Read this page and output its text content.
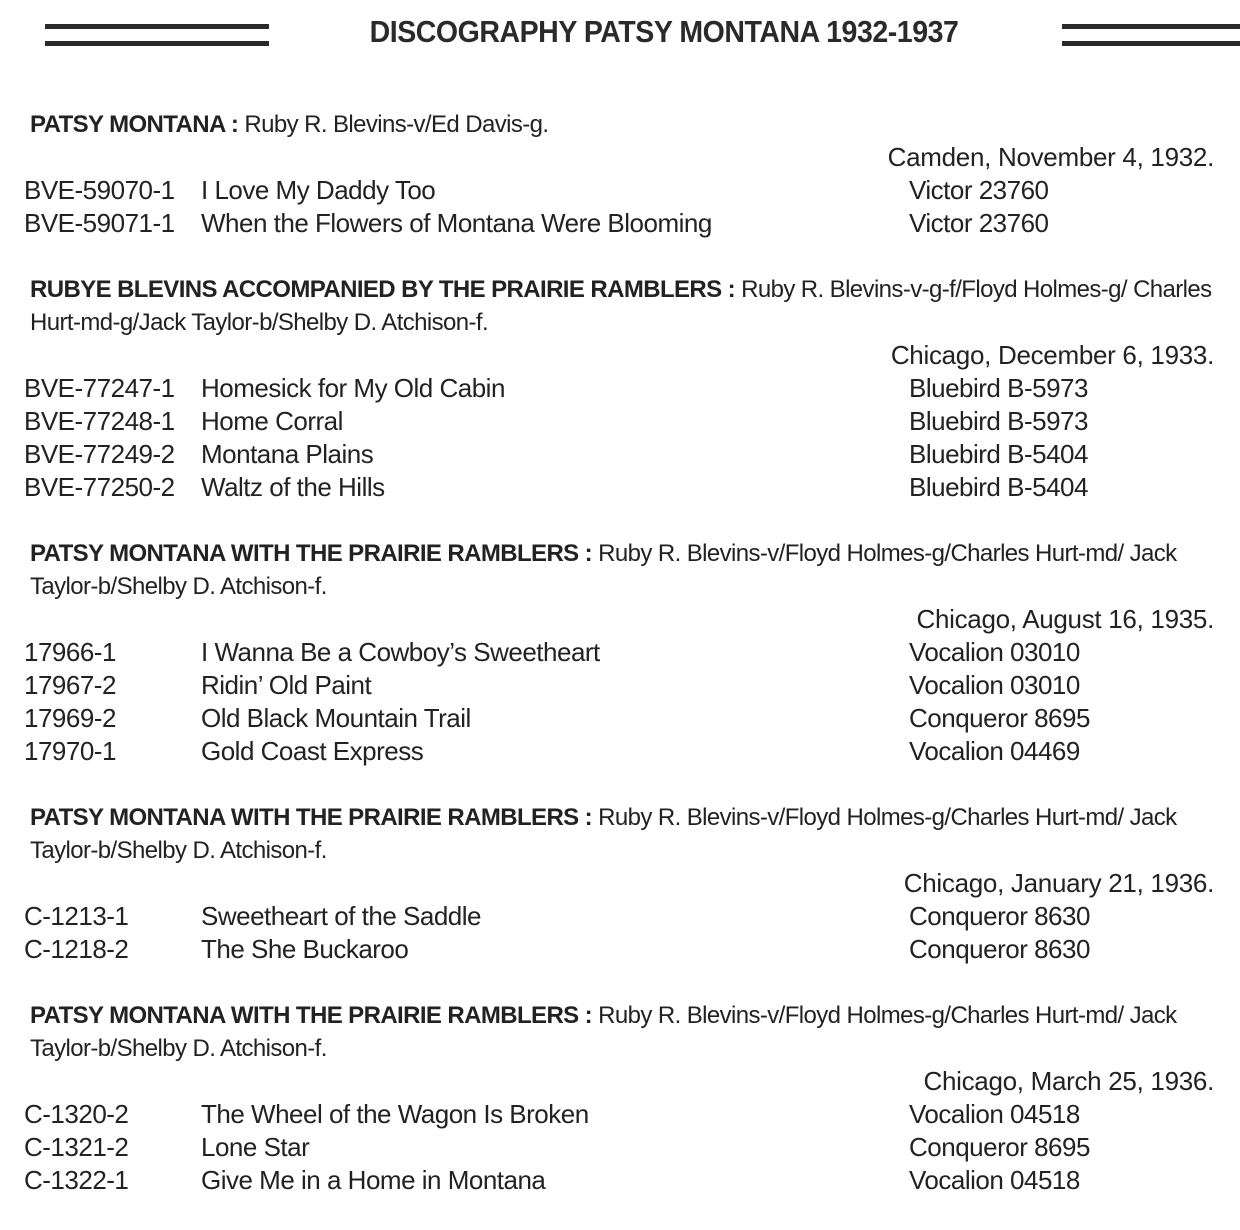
DISCOGRAPHY PATSY MONTANA 1932-1937
PATSY MONTANA : Ruby R. Blevins-v/Ed Davis-g.
Camden, November 4, 1932.
BVE-59070-1 I Love My Daddy Too	Victor 23760
BVE-59071-1 When the Flowers of Montana Were Blooming	Victor 23760
RUBYE BLEVINS ACCOMPANIED BY THE PRAIRIE RAMBLERS : Ruby R. Blevins-v-g-f/Floyd Holmes-g/ Charles Hurt-md-g/Jack Taylor-b/Shelby D. Atchison-f.
Chicago, December 6, 1933.
BVE-77247-1 Homesick for My Old Cabin	Bluebird B-5973
BVE-77248-1 Home Corral	Bluebird B-5973
BVE-77249-2 Montana Plains	Bluebird B-5404
BVE-77250-2 Waltz of the Hills	Bluebird B-5404
PATSY MONTANA WITH THE PRAIRIE RAMBLERS : Ruby R. Blevins-v/Floyd Holmes-g/Charles Hurt-md/ Jack Taylor-b/Shelby D. Atchison-f.
Chicago, August 16, 1935.
17966-1	I Wanna Be a Cowboy’s Sweetheart	Vocalion 03010
17967-2	Ridin’ Old Paint	Vocalion 03010
17969-2	Old Black Mountain Trail	Conqueror 8695
17970-1	Gold Coast Express	Vocalion 04469
PATSY MONTANA WITH THE PRAIRIE RAMBLERS : Ruby R. Blevins-v/Floyd Holmes-g/Charles Hurt-md/ Jack Taylor-b/Shelby D. Atchison-f.
Chicago, January 21, 1936.
C-1213-1	Sweetheart of the Saddle	Conqueror 8630
C-1218-2	The She Buckaroo	Conqueror 8630
PATSY MONTANA WITH THE PRAIRIE RAMBLERS : Ruby R. Blevins-v/Floyd Holmes-g/Charles Hurt-md/ Jack Taylor-b/Shelby D. Atchison-f.
Chicago, March 25, 1936.
C-1320-2	The Wheel of the Wagon Is Broken	Vocalion 04518
C-1321-2	Lone Star	Conqueror 8695
C-1322-1	Give Me in a Home in Montana	Vocalion 04518
